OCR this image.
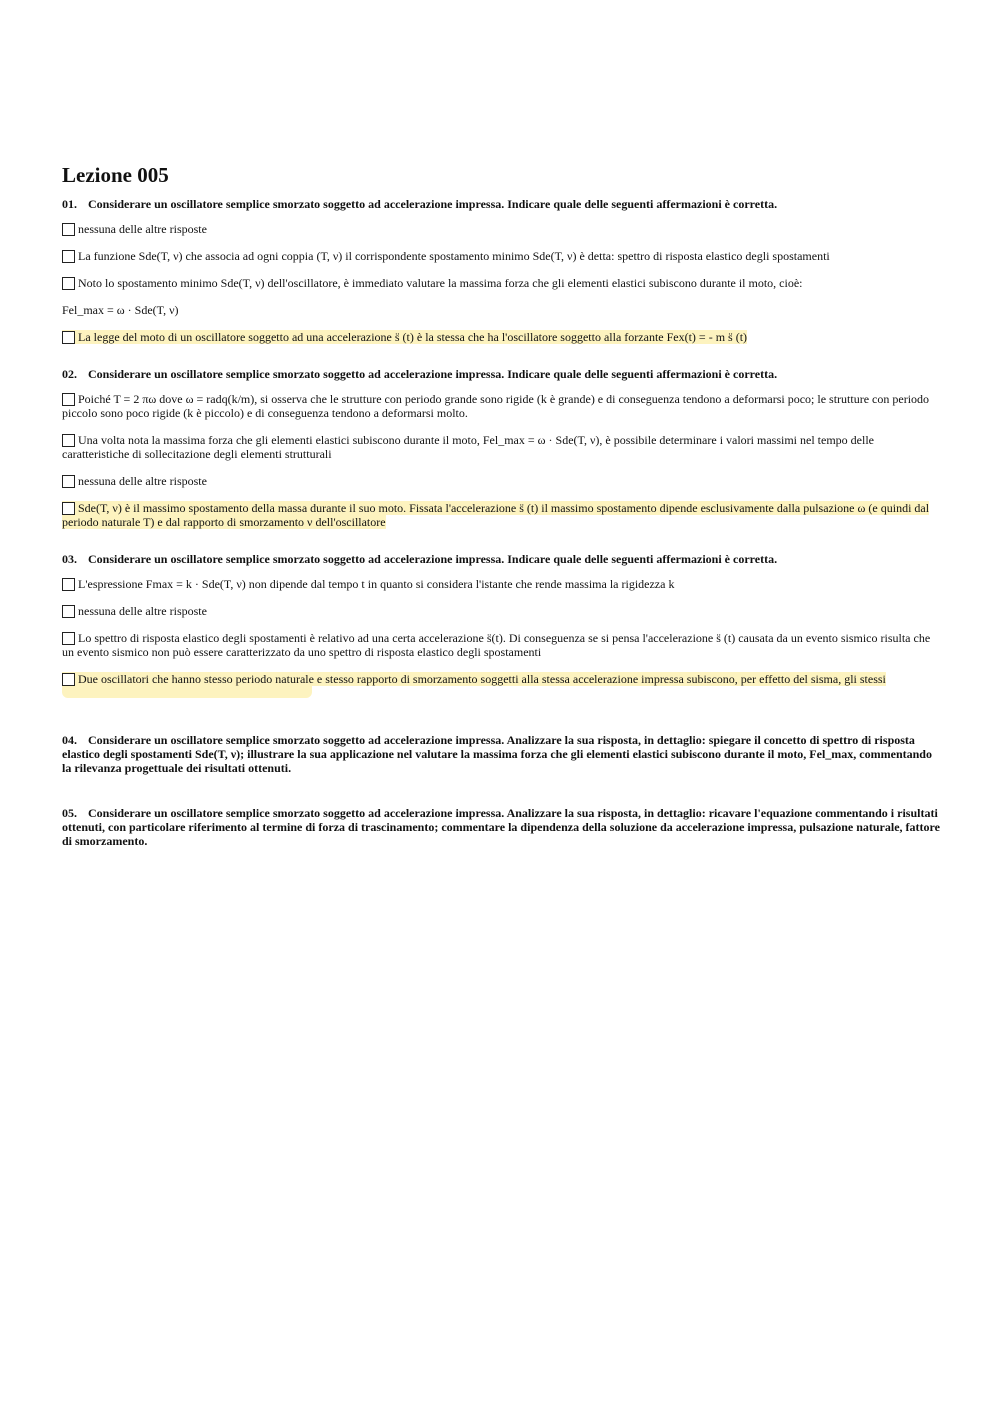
Lezione 005

01. Considerare un oscillatore semplice smorzato soggetto ad accelerazione impressa. Indicare quale delle seguenti affermazioni è corretta.

nessuna delle altre risposte

La funzione Sde(T, ν) che associa ad ogni coppia (T, ν) il corrispondente spostamento minimo Sde(T, ν) è detta: spettro di risposta elastico degli spostamenti

Noto lo spostamento minimo Sde(T, ν) dell'oscillatore, è immediato valutare la massima forza che gli elementi elastici subiscono durante il moto, cioè:

Fel_max = ω · Sde(T, ν)

La legge del moto di un oscillatore soggetto ad una accelerazione s̈ (t) è la stessa che ha l'oscillatore soggetto alla forzante Fex(t) = - m s̈ (t)

02. Considerare un oscillatore semplice smorzato soggetto ad accelerazione impressa. Indicare quale delle seguenti affermazioni è corretta.

Poiché T = 2 πω dove ω = radq(k/m), si osserva che le strutture con periodo grande sono rigide (k è grande) e di conseguenza tendono a deformarsi poco; le strutture con periodo piccolo sono poco rigide (k è piccolo) e di conseguenza tendono a deformarsi molto.

Una volta nota la massima forza che gli elementi elastici subiscono durante il moto, Fel_max = ω · Sde(T, ν), è possibile determinare i valori massimi nel tempo delle caratteristiche di sollecitazione degli elementi strutturali

nessuna delle altre risposte

Sde(T, ν) è il massimo spostamento della massa durante il suo moto. Fissata l'accelerazione s̈ (t) il massimo spostamento dipende esclusivamente dalla pulsazione ω (e quindi dal periodo naturale T) e dal rapporto di smorzamento ν dell'oscillatore

03. Considerare un oscillatore semplice smorzato soggetto ad accelerazione impressa. Indicare quale delle seguenti affermazioni è corretta.

L'espressione Fmax = k · Sde(T, ν) non dipende dal tempo t in quanto si considera l'istante che rende massima la rigidezza k

nessuna delle altre risposte

Lo spettro di risposta elastico degli spostamenti è relativo ad una certa accelerazione s̈(t). Di conseguenza se si pensa l'accelerazione s̈ (t) causata da un evento sismico risulta che un evento sismico non può essere caratterizzato da uno spettro di risposta elastico degli spostamenti

Due oscillatori che hanno stesso periodo naturale e stesso rapporto di smorzamento soggetti alla stessa accelerazione impressa subiscono, per effetto del sisma, gli stessi

04. Considerare un oscillatore semplice smorzato soggetto ad accelerazione impressa. Analizzare la sua risposta, in dettaglio: spiegare il concetto di spettro di risposta elastico degli spostamenti Sde(T, ν); illustrare la sua applicazione nel valutare la massima forza che gli elementi elastici subiscono durante il moto, Fel_max, commentando la rilevanza progettuale dei risultati ottenuti.

05. Considerare un oscillatore semplice smorzato soggetto ad accelerazione impressa. Analizzare la sua risposta, in dettaglio: ricavare l'equazione commentando i risultati ottenuti, con particolare riferimento al termine di forza di trascinamento; commentare la dipendenza della soluzione da accelerazione impressa, pulsazione naturale, fattore di smorzamento.
